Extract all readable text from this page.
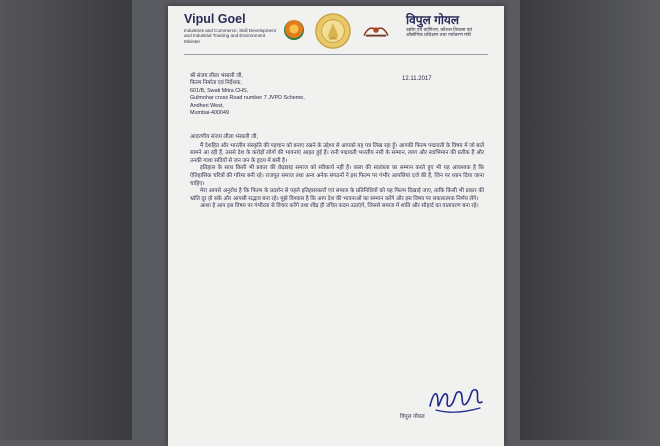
Vipul Goel
Industries and Commerce, Skill Development and Industrial Training and Environment Minister
विपुल गोयल
उद्योग एवं वाणिज्य, कौशल विकास एवं औद्योगिक प्रशिक्षण तथा पर्यावरण मंत्री
श्री संजय लीला भंसाली जी,
फिल्म निर्माता एवं निर्देशक,
601/B, Swati Mitra CHS,
Gulmohar cross Road number 7 JVPD Scheme,
Andheri West,
Mumbai-400049
12.11.2017

आदरणीय संजय लीला भंसाली जी,

मैं देशहित और भारतीय संस्कृति की पहचान को बनाए रखने के उद्देश्य से आपको यह पत्र लिख रहा हूँ। आपकी फिल्म पद्मावती के विषय में जो बातें सामने आ रही हैं, उससे देश के करोड़ों लोगों की भावनाएं आहत हुई हैं। रानी पद्मावती भारतीय नारी के सम्मान, त्याग और स्वाभिमान की प्रतीक हैं और उनकी गाथा सदियों से जन जन के हृदय में बसी है।

इतिहास के साथ किसी भी प्रकार की छेड़छाड़ समाज को स्वीकार्य नहीं है। कला की स्वतंत्रता का सम्मान करते हुए भी यह आवश्यक है कि ऐतिहासिक चरित्रों की गरिमा बनी रहे। राजपूत समाज तथा अन्य अनेक संगठनों ने इस फिल्म पर गंभीर आपत्तियां दर्ज की हैं, जिन पर ध्यान दिया जाना चाहिए।

मेरा आपसे अनुरोध है कि फिल्म के प्रदर्शन से पहले इतिहासकारों एवं समाज के प्रतिनिधियों को यह फिल्म दिखाई जाए, ताकि किसी भी प्रकार की भ्रांति दूर हो सके और आपसी सद्भाव बना रहे। मुझे विश्वास है कि आप देश की भावनाओं का सम्मान करेंगे और इस विषय पर सकारात्मक निर्णय लेंगे।

आशा है आप इस विषय पर गंभीरता से विचार करेंगे तथा शीघ्र ही उचित कदम उठाएंगे, जिससे समाज में शांति और सौहार्द का वातावरण बना रहे।

विपुल गोयल
